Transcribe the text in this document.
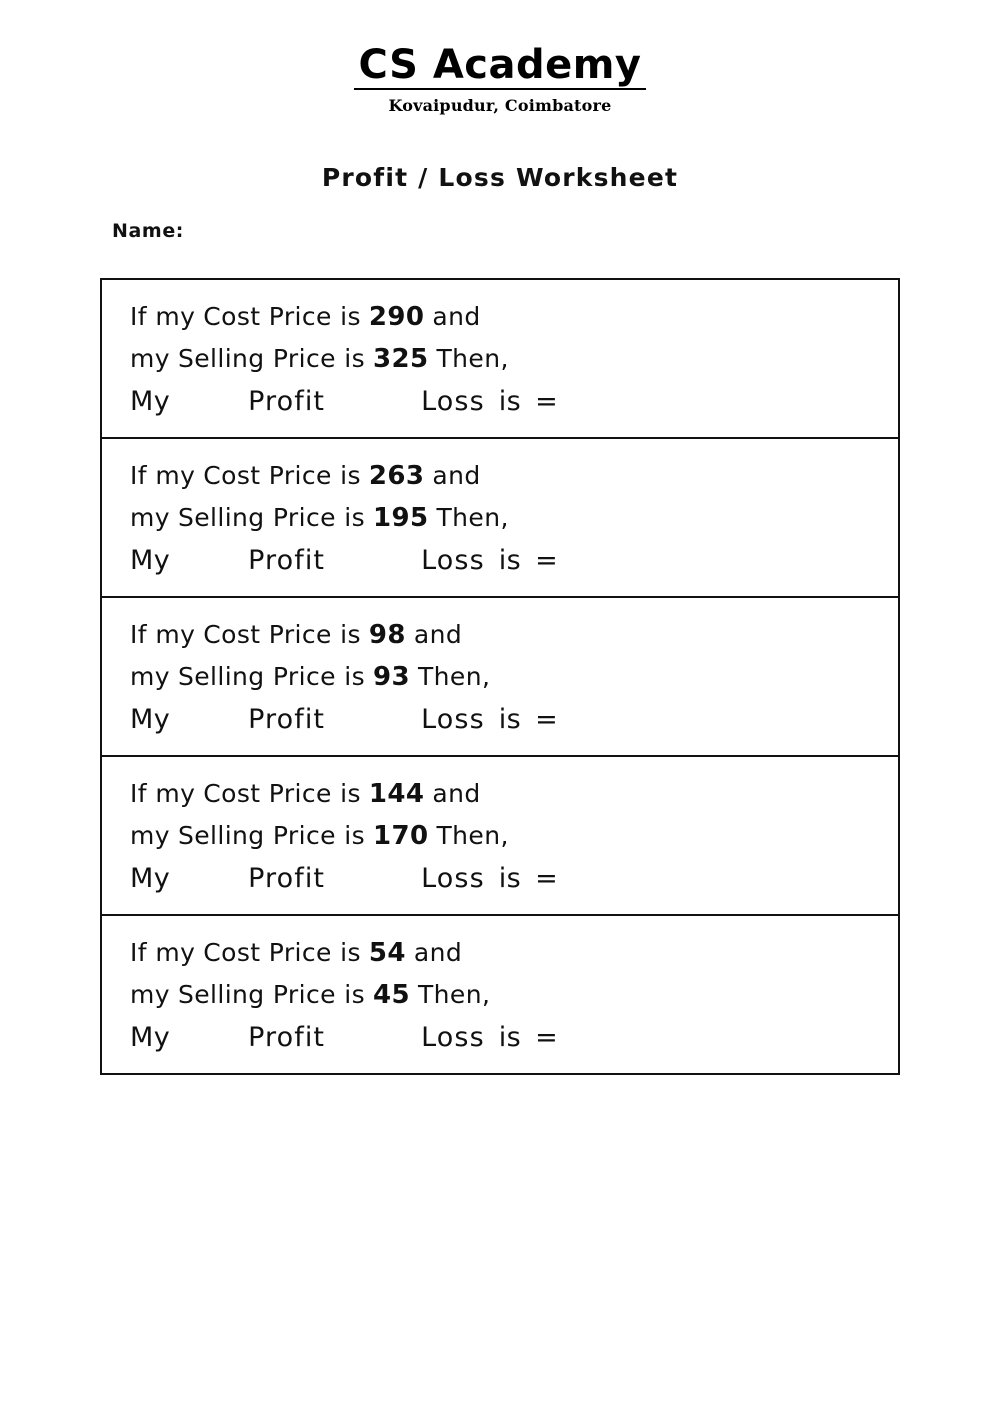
CS Academy
Kovaipudur, Coimbatore
Profit / Loss Worksheet
Name:
If my Cost Price is 290 and
my Selling Price is 325 Then,
My	Profit	Loss is =
If my Cost Price is 263 and
my Selling Price is 195 Then,
My	Profit	Loss is =
If my Cost Price is 98 and
my Selling Price is 93 Then,
My	Profit	Loss is =
If my Cost Price is 144 and
my Selling Price is 170 Then,
My	Profit	Loss is =
If my Cost Price is 54 and
my Selling Price is 45 Then,
My	Profit	Loss is =
